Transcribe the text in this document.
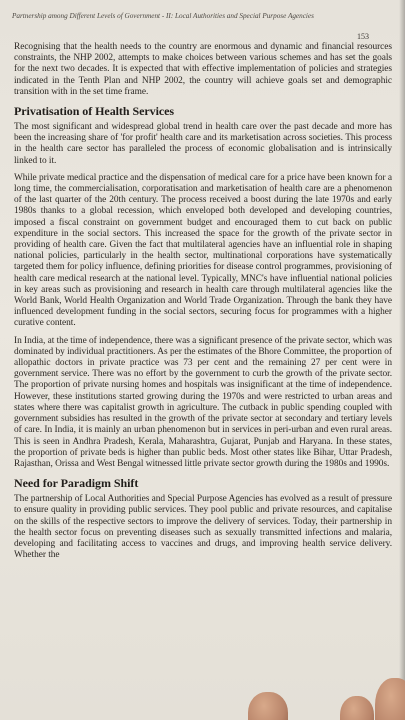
Partnership among Different Levels of Government - II: Local Authorities and Special Purpose Agencies
153

Recognising that the health needs to the country are enormous and dynamic and financial resources constraints, the NHP 2002, attempts to make choices between various schemes and has set the goals for the next two decades. It is expected that with effective implementation of policies and strategies indicated in the Tenth Plan and NHP 2002, the country will achieve goals set and demographic transition with in the set time frame.

Privatisation of Health Services

The most significant and widespread global trend in health care over the past decade and more has been the increasing share of 'for profit' health care and its marketisation across societies. This process in the health care sector has paralleled the process of economic globalisation and is intrinsically linked to it.

While private medical practice and the dispensation of medical care for a price have been known for a long time, the commercialisation, corporatisation and marketisation of health care are a phenomenon of the last quarter of the 20th century. The process received a boost during the late 1970s and early 1980s thanks to a global recession, which enveloped both developed and developing countries, imposed a fiscal constraint on government budget and encouraged them to cut back on public expenditure in the social sectors. This increased the space for the growth of the private sector in providing of health care. Given the fact that multilateral agencies have an influential role in shaping national policies, particularly in the health sector, multinational corporations have systematically targeted them for policy influence, defining priorities for disease control programmes, provisioning of health care medical research at the national level. Typically, MNC's have influential national policies in key areas such as provisioning and research in health care through multilateral agencies like the World Bank, World Health Organization and World Trade Organization. Through the bank they have influenced development funding in the social sectors, securing focus for programmes with a higher curative content.

In India, at the time of independence, there was a significant presence of the private sector, which was dominated by individual practitioners. As per the estimates of the Bhore Committee, the proportion of allopathic doctors in private practice was 73 per cent and the remaining 27 per cent were in government service. There was no effort by the government to curb the growth of the private sector. The proportion of private nursing homes and hospitals was insignificant at the time of independence. However, these institutions started growing during the 1970s and were restricted to urban areas and states where there was capitalist growth in agriculture. The cutback in public spending coupled with government subsidies has resulted in the growth of the private sector at secondary and tertiary levels of care. In India, it is mainly an urban phenomenon but in services in peri-urban and even rural areas. This is seen in Andhra Pradesh, Kerala, Maharashtra, Gujarat, Punjab and Haryana. In these states, the proportion of private beds is higher than public beds. Most other states like Bihar, Uttar Pradesh, Rajasthan, Orissa and West Bengal witnessed little private sector growth during the 1980s and 1990s.

Need for Paradigm Shift

The partnership of Local Authorities and Special Purpose Agencies has evolved as a result of pressure to ensure quality in providing public services. They pool public and private resources, and capitalise on the skills of the respective sectors to improve the delivery of services. Today, their partnership in the health sector focus on preventing diseases such as sexually transmitted infections and malaria, developing and facilitating access to vaccines and drugs, and improving health service delivery. Whether the
